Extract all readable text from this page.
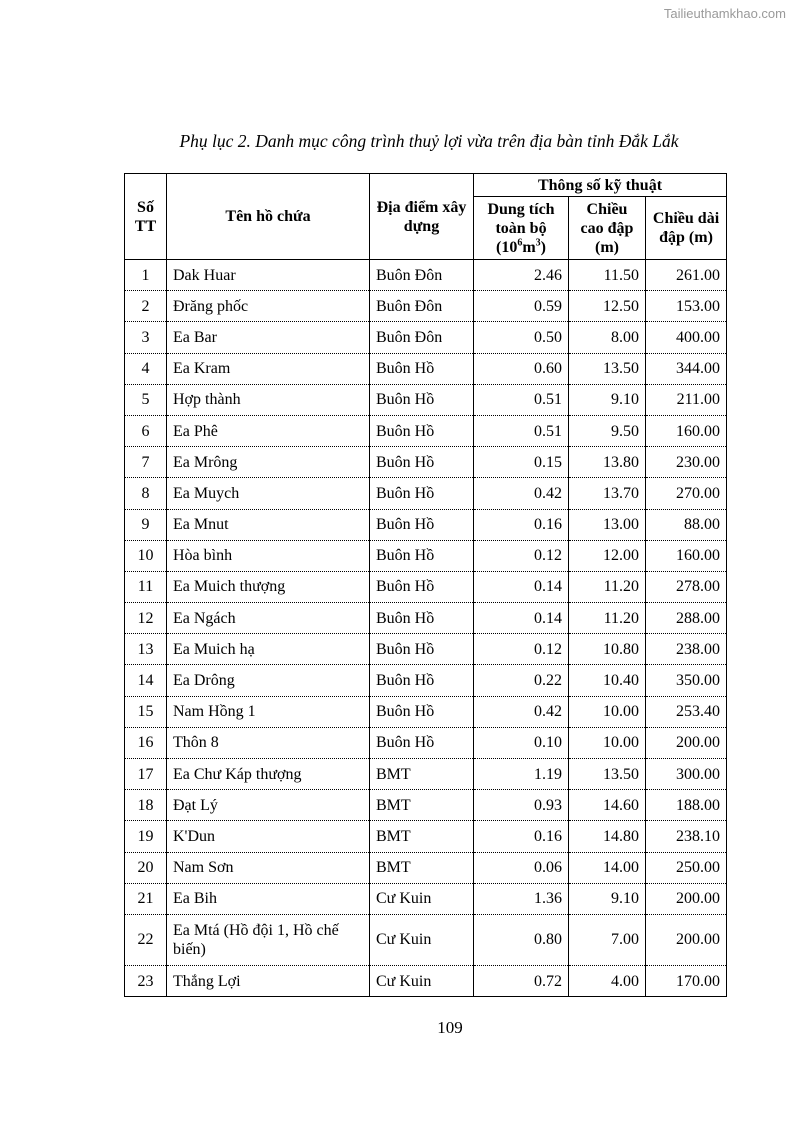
Tailieuthamkhao.com
Phụ lục 2. Danh mục công trình thuỷ lợi vừa trên địa bàn tỉnh Đắk Lắk
Số TT	Tên hồ chứa	Địa điểm xây dựng	Thông số kỹ thuật		
			Dung tích toàn bộ $(10^6m^3)$	Chiều cao đập (m)	Chiều dài đập (m)
1	Dak Huar	Buôn Đôn	2.46	11.50	261.00
2	Đrăng phốc	Buôn Đôn	0.59	12.50	153.00
3	Ea Bar	Buôn Đôn	0.50	8.00	400.00
4	Ea Kram	Buôn Hồ	0.60	13.50	344.00
5	Hợp thành	Buôn Hồ	0.51	9.10	211.00
6	Ea Phê	Buôn Hồ	0.51	9.50	160.00
7	Ea Mrông	Buôn Hồ	0.15	13.80	230.00
8	Ea Muych	Buôn Hồ	0.42	13.70	270.00
9	Ea Mnut	Buôn Hồ	0.16	13.00	88.00
10	Hòa bình	Buôn Hồ	0.12	12.00	160.00
11	Ea Muich thượng	Buôn Hồ	0.14	11.20	278.00
12	Ea Ngách	Buôn Hồ	0.14	11.20	288.00
13	Ea Muich hạ	Buôn Hồ	0.12	10.80	238.00
14	Ea Drông	Buôn Hồ	0.22	10.40	350.00
15	Nam Hồng 1	Buôn Hồ	0.42	10.00	253.40
16	Thôn 8	Buôn Hồ	0.10	10.00	200.00
17	Ea Chư Káp thượng	BMT	1.19	13.50	300.00
18	Đạt Lý	BMT	0.93	14.60	188.00
19	K'Dun	BMT	0.16	14.80	238.10
20	Nam Sơn	BMT	0.06	14.00	250.00
21	Ea Bih	Cư Kuin	1.36	9.10	200.00
22	Ea Mtá (Hồ đội 1, Hồ chế biến)	Cư Kuin	0.80	7.00	200.00
23	Thắng Lợi	Cư Kuin	0.72	4.00	170.00
109
